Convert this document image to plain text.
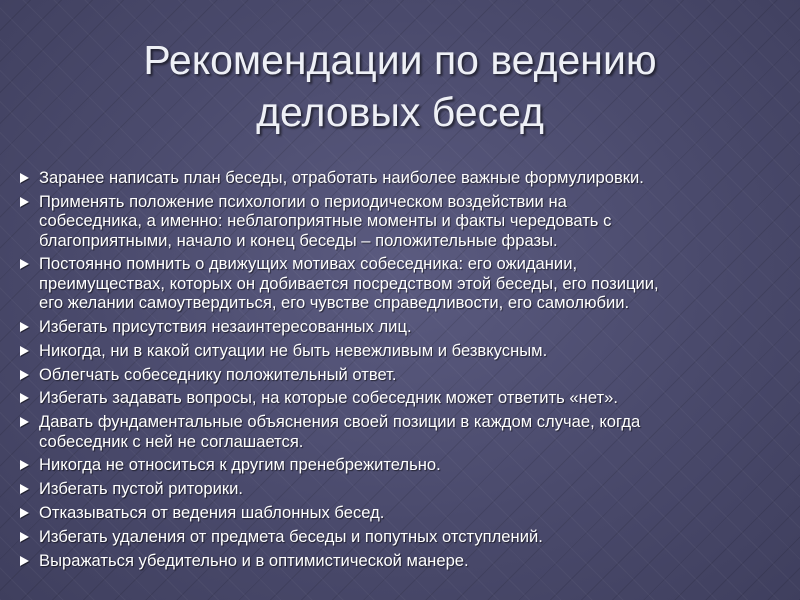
Рекомендации по ведению
деловых бесед
Заранее написать план беседы, отработать наиболее важные формулировки.
Применять положение психологии о периодическом воздействии на
собеседника, а именно: неблагоприятные моменты и факты чередовать с
благоприятными, начало и конец беседы – положительные фразы.
Постоянно помнить о движущих мотивах собеседника: его ожидании,
преимуществах, которых он добивается посредством этой беседы, его позиции,
его желании самоутвердиться, его чувстве справедливости, его самолюбии.
Избегать присутствия незаинтересованных лиц.
Никогда, ни в какой ситуации не быть невежливым и безвкусным.
Облегчать собеседнику положительный ответ.
Избегать задавать вопросы, на которые собеседник может ответить «нет».
Давать фундаментальные объяснения своей позиции в каждом случае, когда
собеседник с ней не соглашается.
Никогда не относиться к другим пренебрежительно.
Избегать пустой риторики.
Отказываться от ведения шаблонных бесед.
Избегать удаления от предмета беседы и попутных отступлений.
Выражаться убедительно и в оптимистической манере.
